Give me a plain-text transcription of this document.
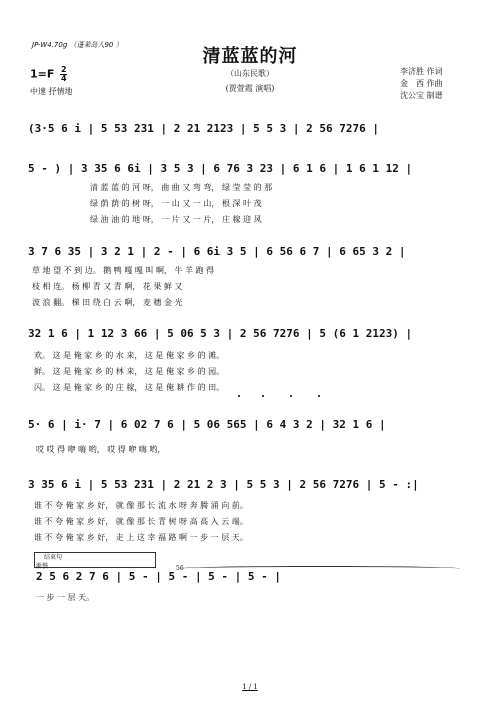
JP-W4.70g （蓬莱岛人90 ）
清蓝蓝的河
（山东民歌）
(贾萱霞 演唱)
李济胜 作词
金　西 作曲
沈公宝 制谱
$1=F \frac{2}{4}$
中速 抒情地
(3·5 6 i | 5 53 231 | 2 21 2123 | 5 5 3 | 2 56 7276 |
5 - ) | 3 35 6 6i | 3 5 3 | 6 76 3 23 | 6 1 6 | 1 6 1 12 |
清 蓝 蓝 的 河 呀， 曲 曲 又 弯 弯， 绿 莹 莹 的 那
绿 荫 荫 的 树 呀， 一 山 又 一 山， 根 深 叶 茂
绿 油 油 的 地 呀， 一 片 又 一 片， 庄 稼 迎 风
3 7 6 35 | 3 2 1 | 2 - | 6 6i 3 5 | 6 56 6 7 | 6 65 3 2 |
草 地 望 不 到 边。 鹅 鸭 嘎 嘎 叫 啊， 牛 羊 跑 得
枝 相 连。 杨 柳 青 又 青 啊， 花 果 鲜 又
波 浪 翻。 梯 田 绕 白 云 啊， 麦 穗 金 光
32 1 6 | 1 12 3 66 | 5 06 5 3 | 2 56 7276 | 5 (6 1 2123) |
欢。 这 是 俺 家 乡 的 水 来， 这 是 俺 家 乡 的 滩。
鲜。 这 是 俺 家 乡 的 林 来， 这 是 俺 家 乡 的 园。
闪。 这 是 俺 家 乡 的 庄 稼， 这 是 俺 耕 作 的 田。
5· 6 | i· 7 | 6 02 7 6 | 5 06 565 | 6 4 3 2 | 32 1 6 |
哎 哎 得 咿 嗨 哟， 哎 得 咿 嗨 哟，
3 35 6 i | 5 53 231 | 2 21 2 3 | 5 5 3 | 2 56 7276 | 5 - :|
谁 不 夸 俺 家 乡 好， 就 像 那 长 流 水 呀 奔 腾 涌 向 前。
谁 不 夸 俺 家 乡 好， 就 像 那 长 青 树 呀 高 高 入 云 端。
谁 不 夸 俺 家 乡 好， 走 上 这 幸 福 路 啊 一 步 一 层 天。
结束句
渐慢	56
2 5 6 2 7 6 | 5 - | 5 - | 5 - | 5 - |
一 步 一 层 天。
1 / 1
